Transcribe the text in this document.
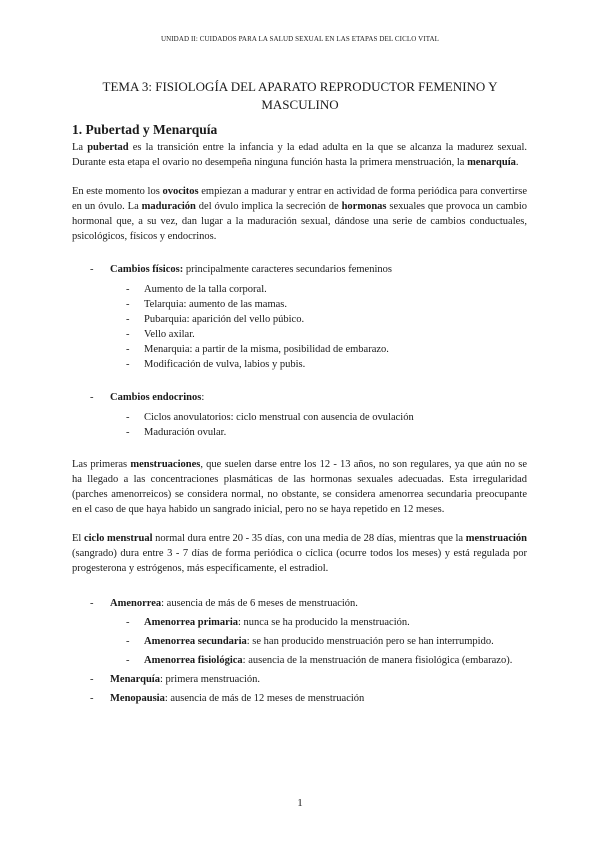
UNIDAD II: CUIDADOS PARA LA SALUD SEXUAL EN LAS ETAPAS DEL CICLO VITAL
TEMA 3: FISIOLOGÍA DEL APARATO REPRODUCTOR FEMENINO Y
MASCULINO
1. Pubertad y Menarquía

La pubertad es la transición entre la infancia y la edad adulta en la que se alcanza la madurez sexual. Durante esta etapa el ovario no desempeña ninguna función hasta la primera menstruación, la menarquía.

En este momento los ovocitos empiezan a madurar y entrar en actividad de forma periódica para convertirse en un óvulo. La maduración del óvulo implica la secreción de hormonas sexuales que provoca un cambio hormonal que, a su vez, dan lugar a la maduración sexual, dándose una serie de cambios conductuales, psicológicos, físicos y endocrinos.

- Cambios físicos: principalmente caracteres secundarios femeninos
- Aumento de la talla corporal.
- Telarquia: aumento de las mamas.
- Pubarquia: aparición del vello púbico.
- Vello axilar.
- Menarquia: a partir de la misma, posibilidad de embarazo.
- Modificación de vulva, labios y pubis.
- Cambios endocrinos:
- Ciclos anovulatorios: ciclo menstrual con ausencia de ovulación
- Maduración ovular.

Las primeras menstruaciones, que suelen darse entre los 12 - 13 años, no son regulares, ya que aún no se ha llegado a las concentraciones plasmáticas de las hormonas sexuales adecuadas. Esta irregularidad (parches amenorreicos) se considera normal, no obstante, se considera amenorrea secundaria preocupante en el caso de que haya habido un sangrado inicial, pero no se haya repetido en 12 meses.

El ciclo menstrual normal dura entre 20 - 35 días, con una media de 28 días, mientras que la menstruación (sangrado) dura entre 3 - 7 días de forma periódica o cíclica (ocurre todos los meses) y está regulada por progesterona y estrógenos, más específicamente, el estradiol.

- Amenorrea: ausencia de más de 6 meses de menstruación.
- Amenorrea primaria: nunca se ha producido la menstruación.
- Amenorrea secundaria: se han producido menstruación pero se han interrumpido.
- Amenorrea fisiológica: ausencia de la menstruación de manera fisiológica (embarazo).
- Menarquía: primera menstruación.
- Menopausia: ausencia de más de 12 meses de menstruación
1
